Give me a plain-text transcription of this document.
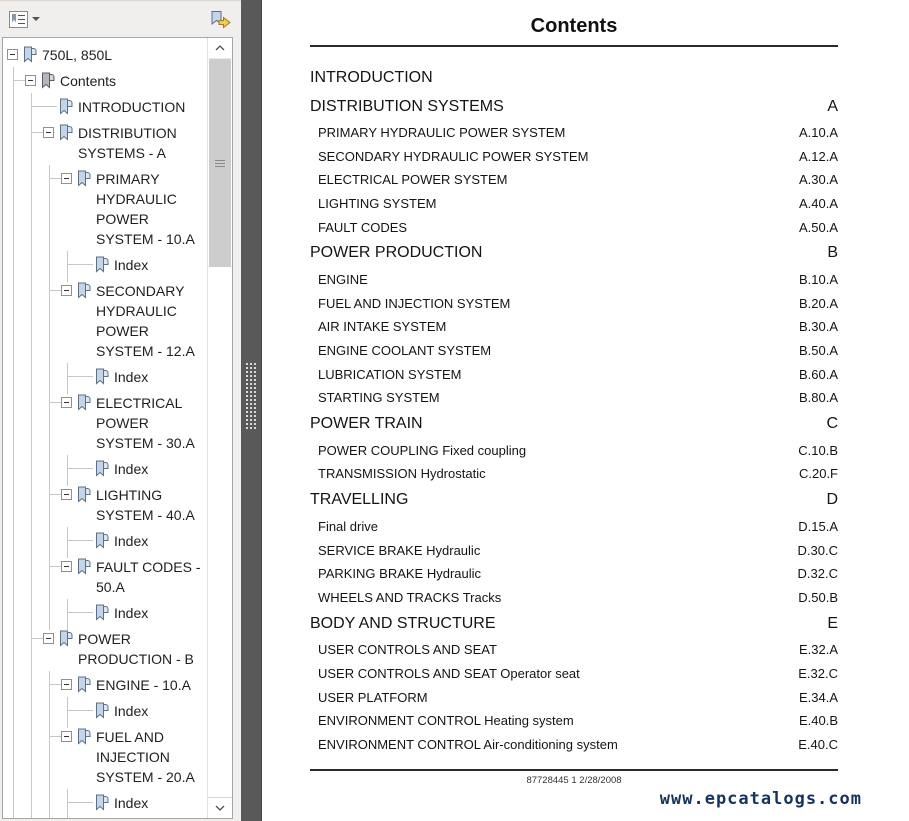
750L, 850L
Contents
INTRODUCTION
DISTRIBUTION SYSTEMS - A
PRIMARY HYDRAULIC POWER SYSTEM - 10.A
Index
SECONDARY HYDRAULIC POWER SYSTEM - 12.A
Index
ELECTRICAL POWER SYSTEM - 30.A
Index
LIGHTING SYSTEM - 40.A
Index
FAULT CODES - 50.A
Index
POWER PRODUCTION - B
ENGINE - 10.A
Index
FUEL AND INJECTION SYSTEM - 20.A
Index
Contents
INTRODUCTION
DISTRIBUTION SYSTEMS	A
PRIMARY HYDRAULIC POWER SYSTEM	A.10.A
SECONDARY HYDRAULIC POWER SYSTEM	A.12.A
ELECTRICAL POWER SYSTEM	A.30.A
LIGHTING SYSTEM	A.40.A
FAULT CODES	A.50.A
POWER PRODUCTION	B
ENGINE	B.10.A
FUEL AND INJECTION SYSTEM	B.20.A
AIR INTAKE SYSTEM	B.30.A
ENGINE COOLANT SYSTEM	B.50.A
LUBRICATION SYSTEM	B.60.A
STARTING SYSTEM	B.80.A
POWER TRAIN	C
POWER COUPLING Fixed coupling	C.10.B
TRANSMISSION Hydrostatic	C.20.F
TRAVELLING	D
Final drive	D.15.A
SERVICE BRAKE Hydraulic	D.30.C
PARKING BRAKE Hydraulic	D.32.C
WHEELS AND TRACKS Tracks	D.50.B
BODY AND STRUCTURE	E
USER CONTROLS AND SEAT	E.32.A
USER CONTROLS AND SEAT Operator seat	E.32.C
USER PLATFORM	E.34.A
ENVIRONMENT CONTROL Heating system	E.40.B
ENVIRONMENT CONTROL Air-conditioning system	E.40.C
87728445 1 2/28/2008
www.epcatalogs.com
